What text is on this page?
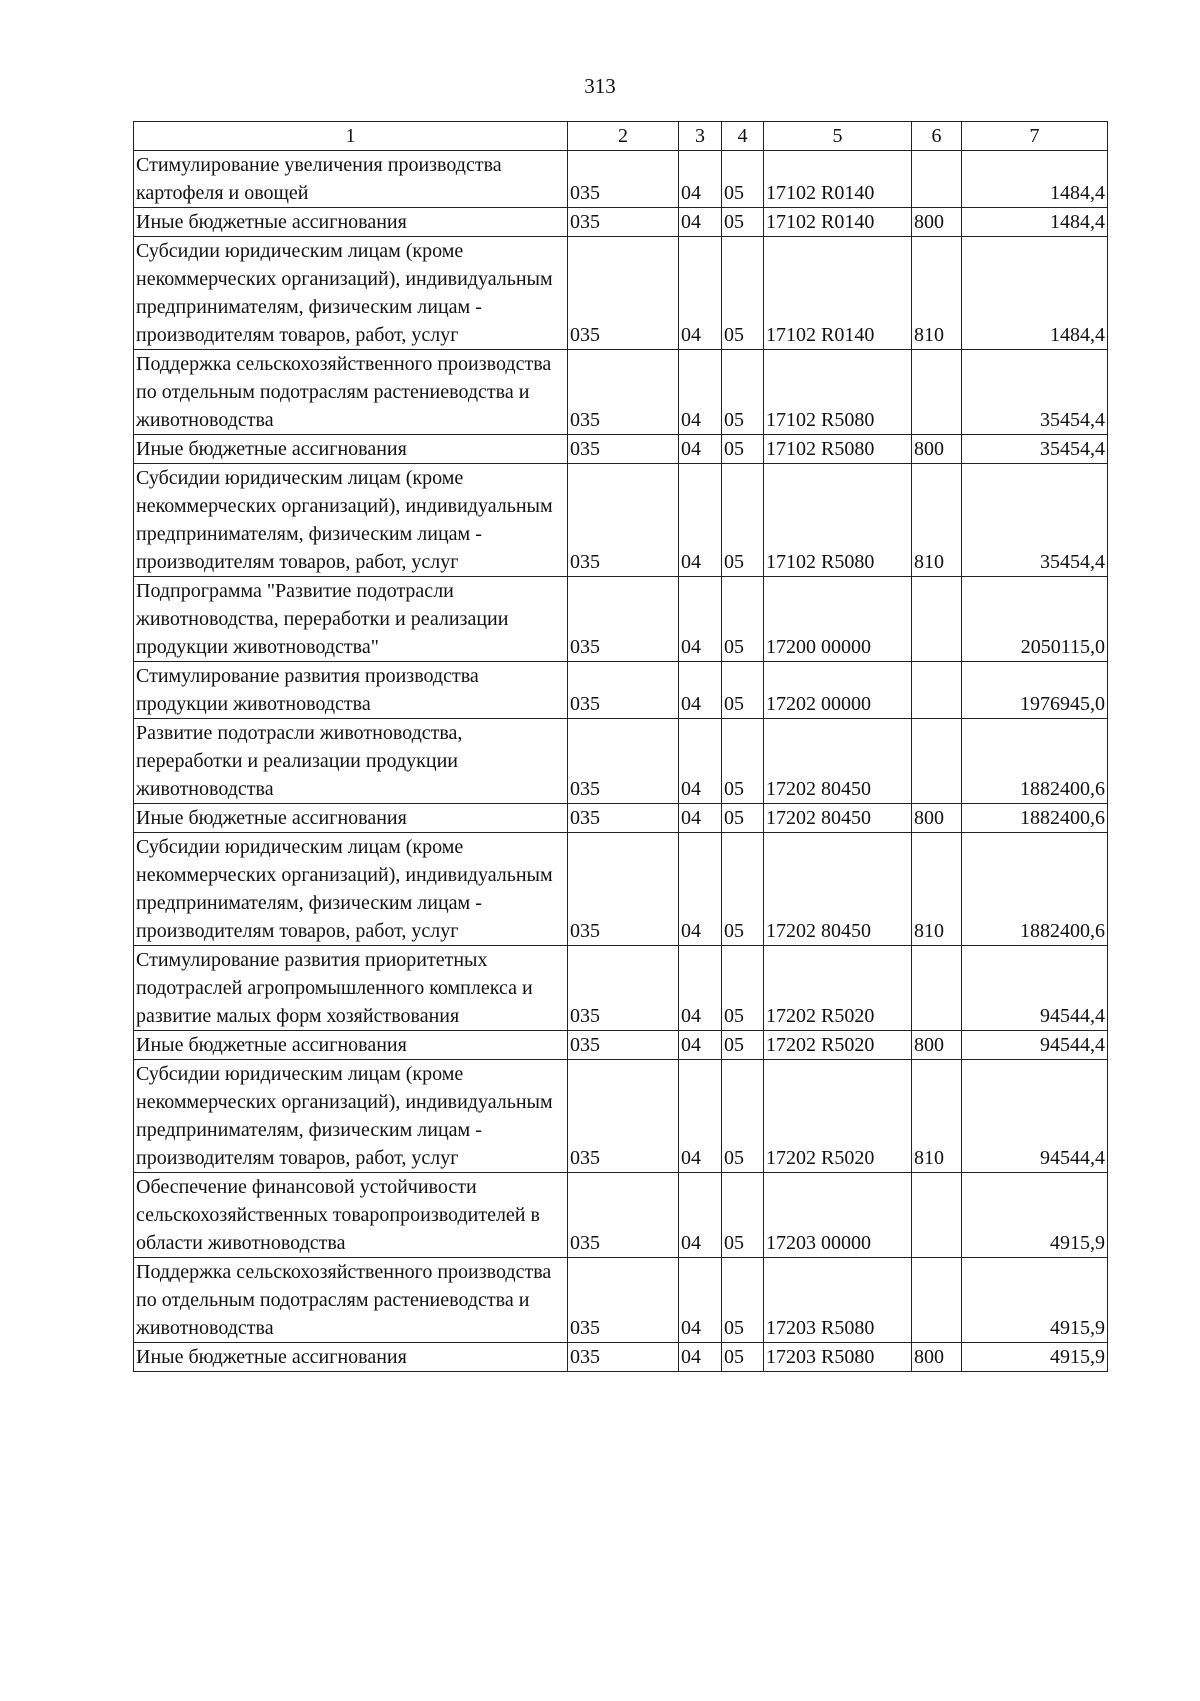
313
1	2	3	4	5	6	7
Стимулирование увеличения производства картофеля и овощей	035	04	05	17102 R0140		1484,4
Иные бюджетные ассигнования	035	04	05	17102 R0140	800	1484,4
Субсидии юридическим лицам (кроме некоммерческих организаций), индивидуальным предпринимателям, физическим лицам - производителям товаров, работ, услуг	035	04	05	17102 R0140	810	1484,4
Поддержка сельскохозяйственного производства по отдельным подотраслям растениеводства и животноводства	035	04	05	17102 R5080		35454,4
Иные бюджетные ассигнования	035	04	05	17102 R5080	800	35454,4
Субсидии юридическим лицам (кроме некоммерческих организаций), индивидуальным предпринимателям, физическим лицам - производителям товаров, работ, услуг	035	04	05	17102 R5080	810	35454,4
Подпрограмма "Развитие подотрасли животноводства, переработки и реализации продукции животноводства"	035	04	05	17200 00000		2050115,0
Стимулирование развития производства продукции животноводства	035	04	05	17202 00000		1976945,0
Развитие подотрасли животноводства, переработки и реализации продукции животноводства	035	04	05	17202 80450		1882400,6
Иные бюджетные ассигнования	035	04	05	17202 80450	800	1882400,6
Субсидии юридическим лицам (кроме некоммерческих организаций), индивидуальным предпринимателям, физическим лицам - производителям товаров, работ, услуг	035	04	05	17202 80450	810	1882400,6
Стимулирование развития приоритетных подотраслей агропромышленного комплекса и развитие малых форм хозяйствования	035	04	05	17202 R5020		94544,4
Иные бюджетные ассигнования	035	04	05	17202 R5020	800	94544,4
Субсидии юридическим лицам (кроме некоммерческих организаций), индивидуальным предпринимателям, физическим лицам - производителям товаров, работ, услуг	035	04	05	17202 R5020	810	94544,4
Обеспечение финансовой устойчивости сельскохозяйственных товаропроизводителей в области животноводства	035	04	05	17203 00000		4915,9
Поддержка сельскохозяйственного производства по отдельным подотраслям растениеводства и животноводства	035	04	05	17203 R5080		4915,9
Иные бюджетные ассигнования	035	04	05	17203 R5080	800	4915,9
